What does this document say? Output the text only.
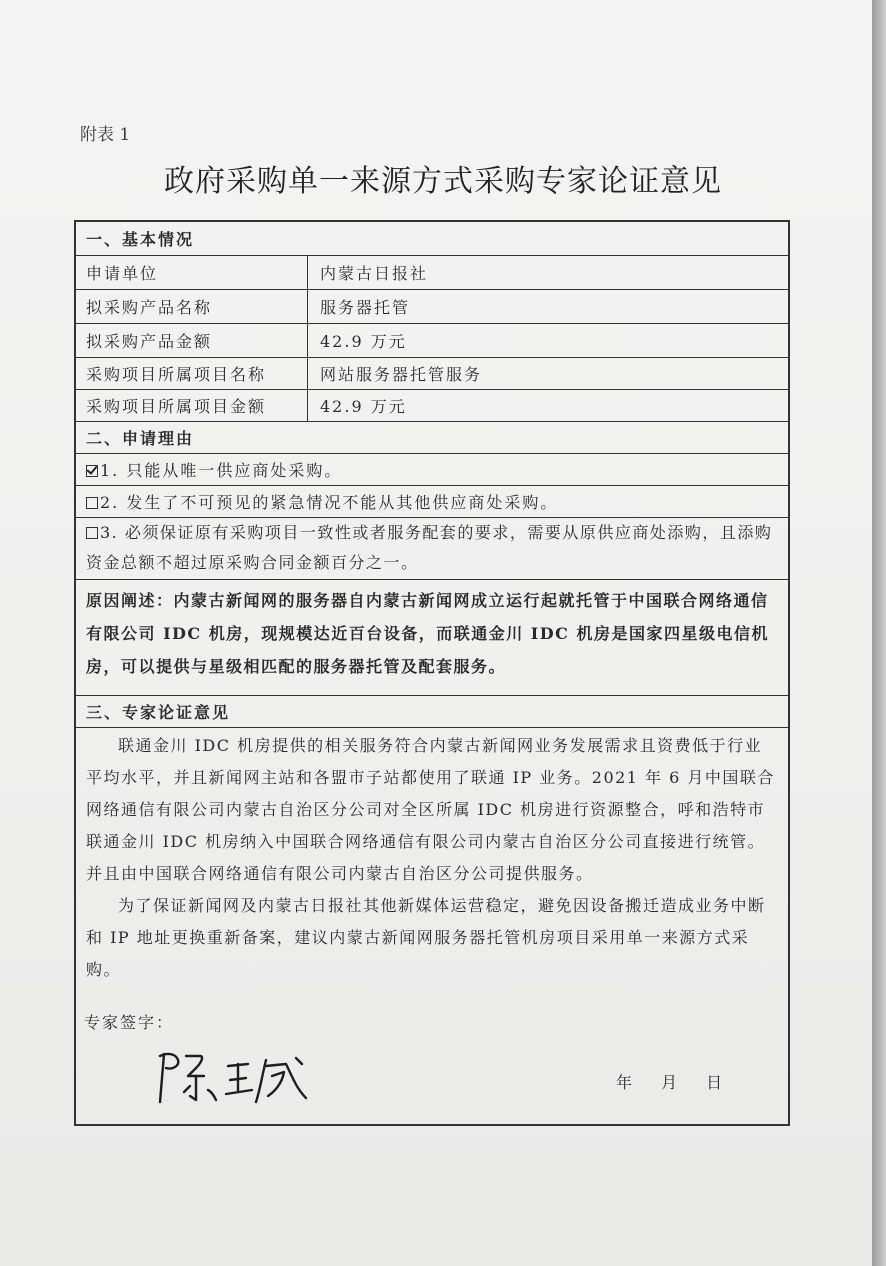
附表 1
政府采购单一来源方式采购专家论证意见
一、基本情况
申请单位	内蒙古日报社
拟采购产品名称	服务器托管
拟采购产品金额	42.9 万元
采购项目所属项目名称	网站服务器托管服务
采购项目所属项目金额	42.9 万元
二、申请理由
1. 只能从唯一供应商处采购。
2. 发生了不可预见的紧急情况不能从其他供应商处采购。
3. 必须保证原有采购项目一致性或者服务配套的要求，需要从原供应商处添购，且添购资金总额不超过原采购合同金额百分之一。
原因阐述：内蒙古新闻网的服务器自内蒙古新闻网成立运行起就托管于中国联合网络通信有限公司 IDC 机房，现规模达近百台设备，而联通金川 IDC 机房是国家四星级电信机房，可以提供与星级相匹配的服务器托管及配套服务。
三、专家论证意见
联通金川 IDC 机房提供的相关服务符合内蒙古新闻网业务发展需求且资费低于行业平均水平，并且新闻网主站和各盟市子站都使用了联通 IP 业务。2021 年 6 月中国联合网络通信有限公司内蒙古自治区分公司对全区所属 IDC 机房进行资源整合，呼和浩特市联通金川 IDC 机房纳入中国联合网络通信有限公司内蒙古自治区分公司直接进行统管。并且由中国联合网络通信有限公司内蒙古自治区分公司提供服务。
为了保证新闻网及内蒙古日报社其他新媒体运营稳定，避免因设备搬迁造成业务中断和 IP 地址更换重新备案，建议内蒙古新闻网服务器托管机房项目采用单一来源方式采购。
专家签字：
年 月 日
